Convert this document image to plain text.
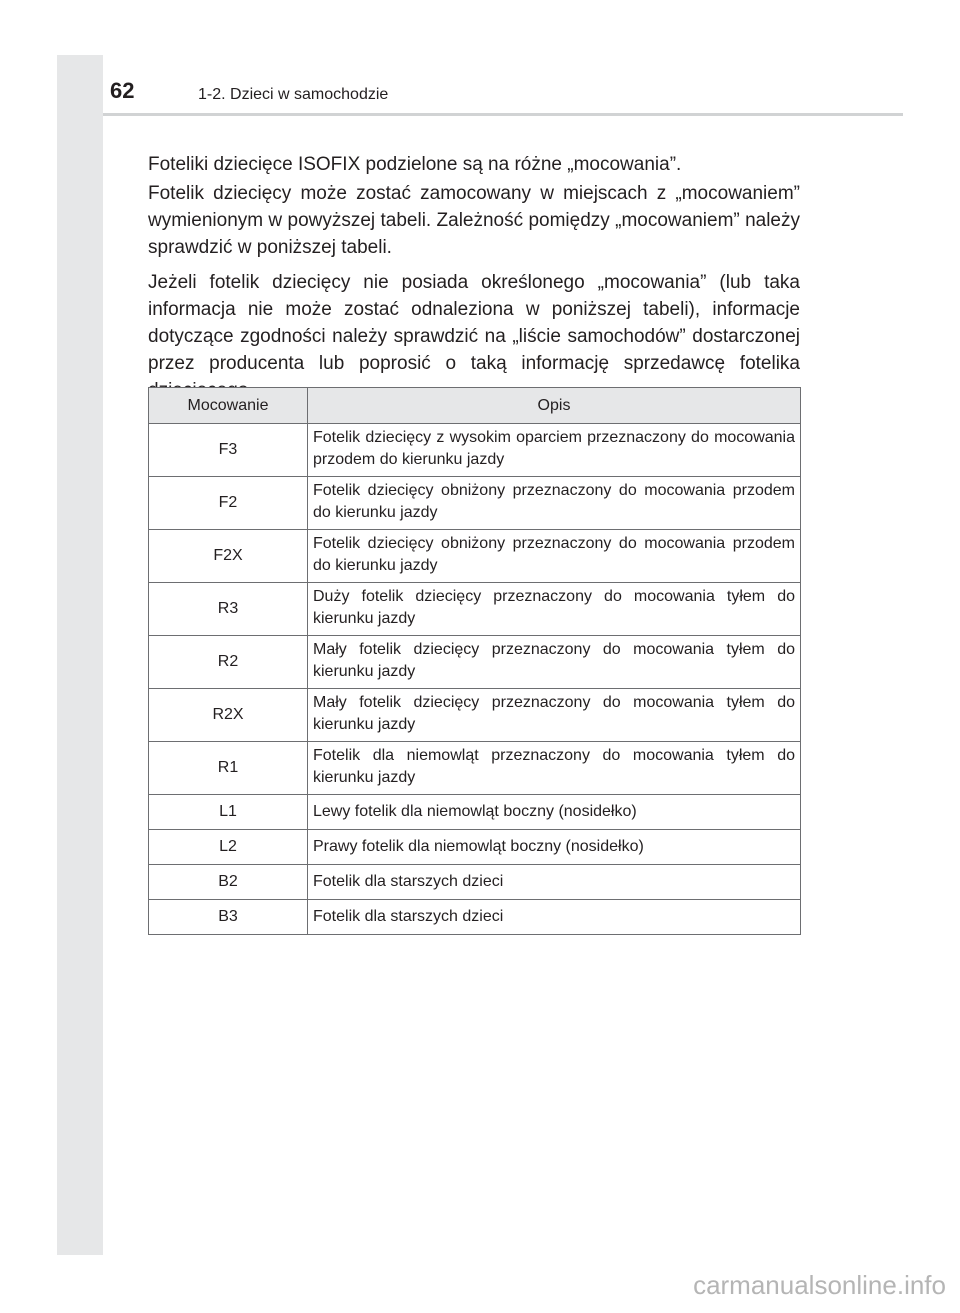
62	1-2. Dzieci w samochodzie

Foteliki dziecięce ISOFIX podzielone są na różne „mocowania”.

Fotelik dziecięcy może zostać zamocowany w miejscach z „mocowaniem” wymienionym w powyższej tabeli. Zależność pomiędzy „mocowaniem” należy sprawdzić w poniższej tabeli.

Jeżeli fotelik dziecięcy nie posiada określonego „mocowania” (lub taka informacja nie może zostać odnaleziona w poniższej tabeli), informacje dotyczące zgodności należy sprawdzić na „liście samochodów” dostarczonej przez producenta lub poprosić o taką informację sprzedawcę fotelika

Mocowanie	Opis
F3	Fotelik dziecięcy z wysokim oparciem przeznaczony do mocowania przodem do kierunku jazdy
F2	Fotelik dziecięcy obniżony przeznaczony do mocowania przodem do kierunku jazdy
F2X	Fotelik dziecięcy obniżony przeznaczony do mocowania przodem do kierunku jazdy
R3	Duży fotelik dziecięcy przeznaczony do mocowania tyłem do kierunku jazdy
R2	Mały fotelik dziecięcy przeznaczony do mocowania tyłem do kierunku jazdy
R2X	Mały fotelik dziecięcy przeznaczony do mocowania tyłem do kierunku jazdy
R1	Fotelik dla niemowląt przeznaczony do mocowania tyłem do kierunku jazdy
L1	Lewy fotelik dla niemowląt boczny (nosidełko)
L2	Prawy fotelik dla niemowląt boczny (nosidełko)
B2	Fotelik dla starszych dzieci
B3	Fotelik dla starszych dzieci
carmanualsonline.info
